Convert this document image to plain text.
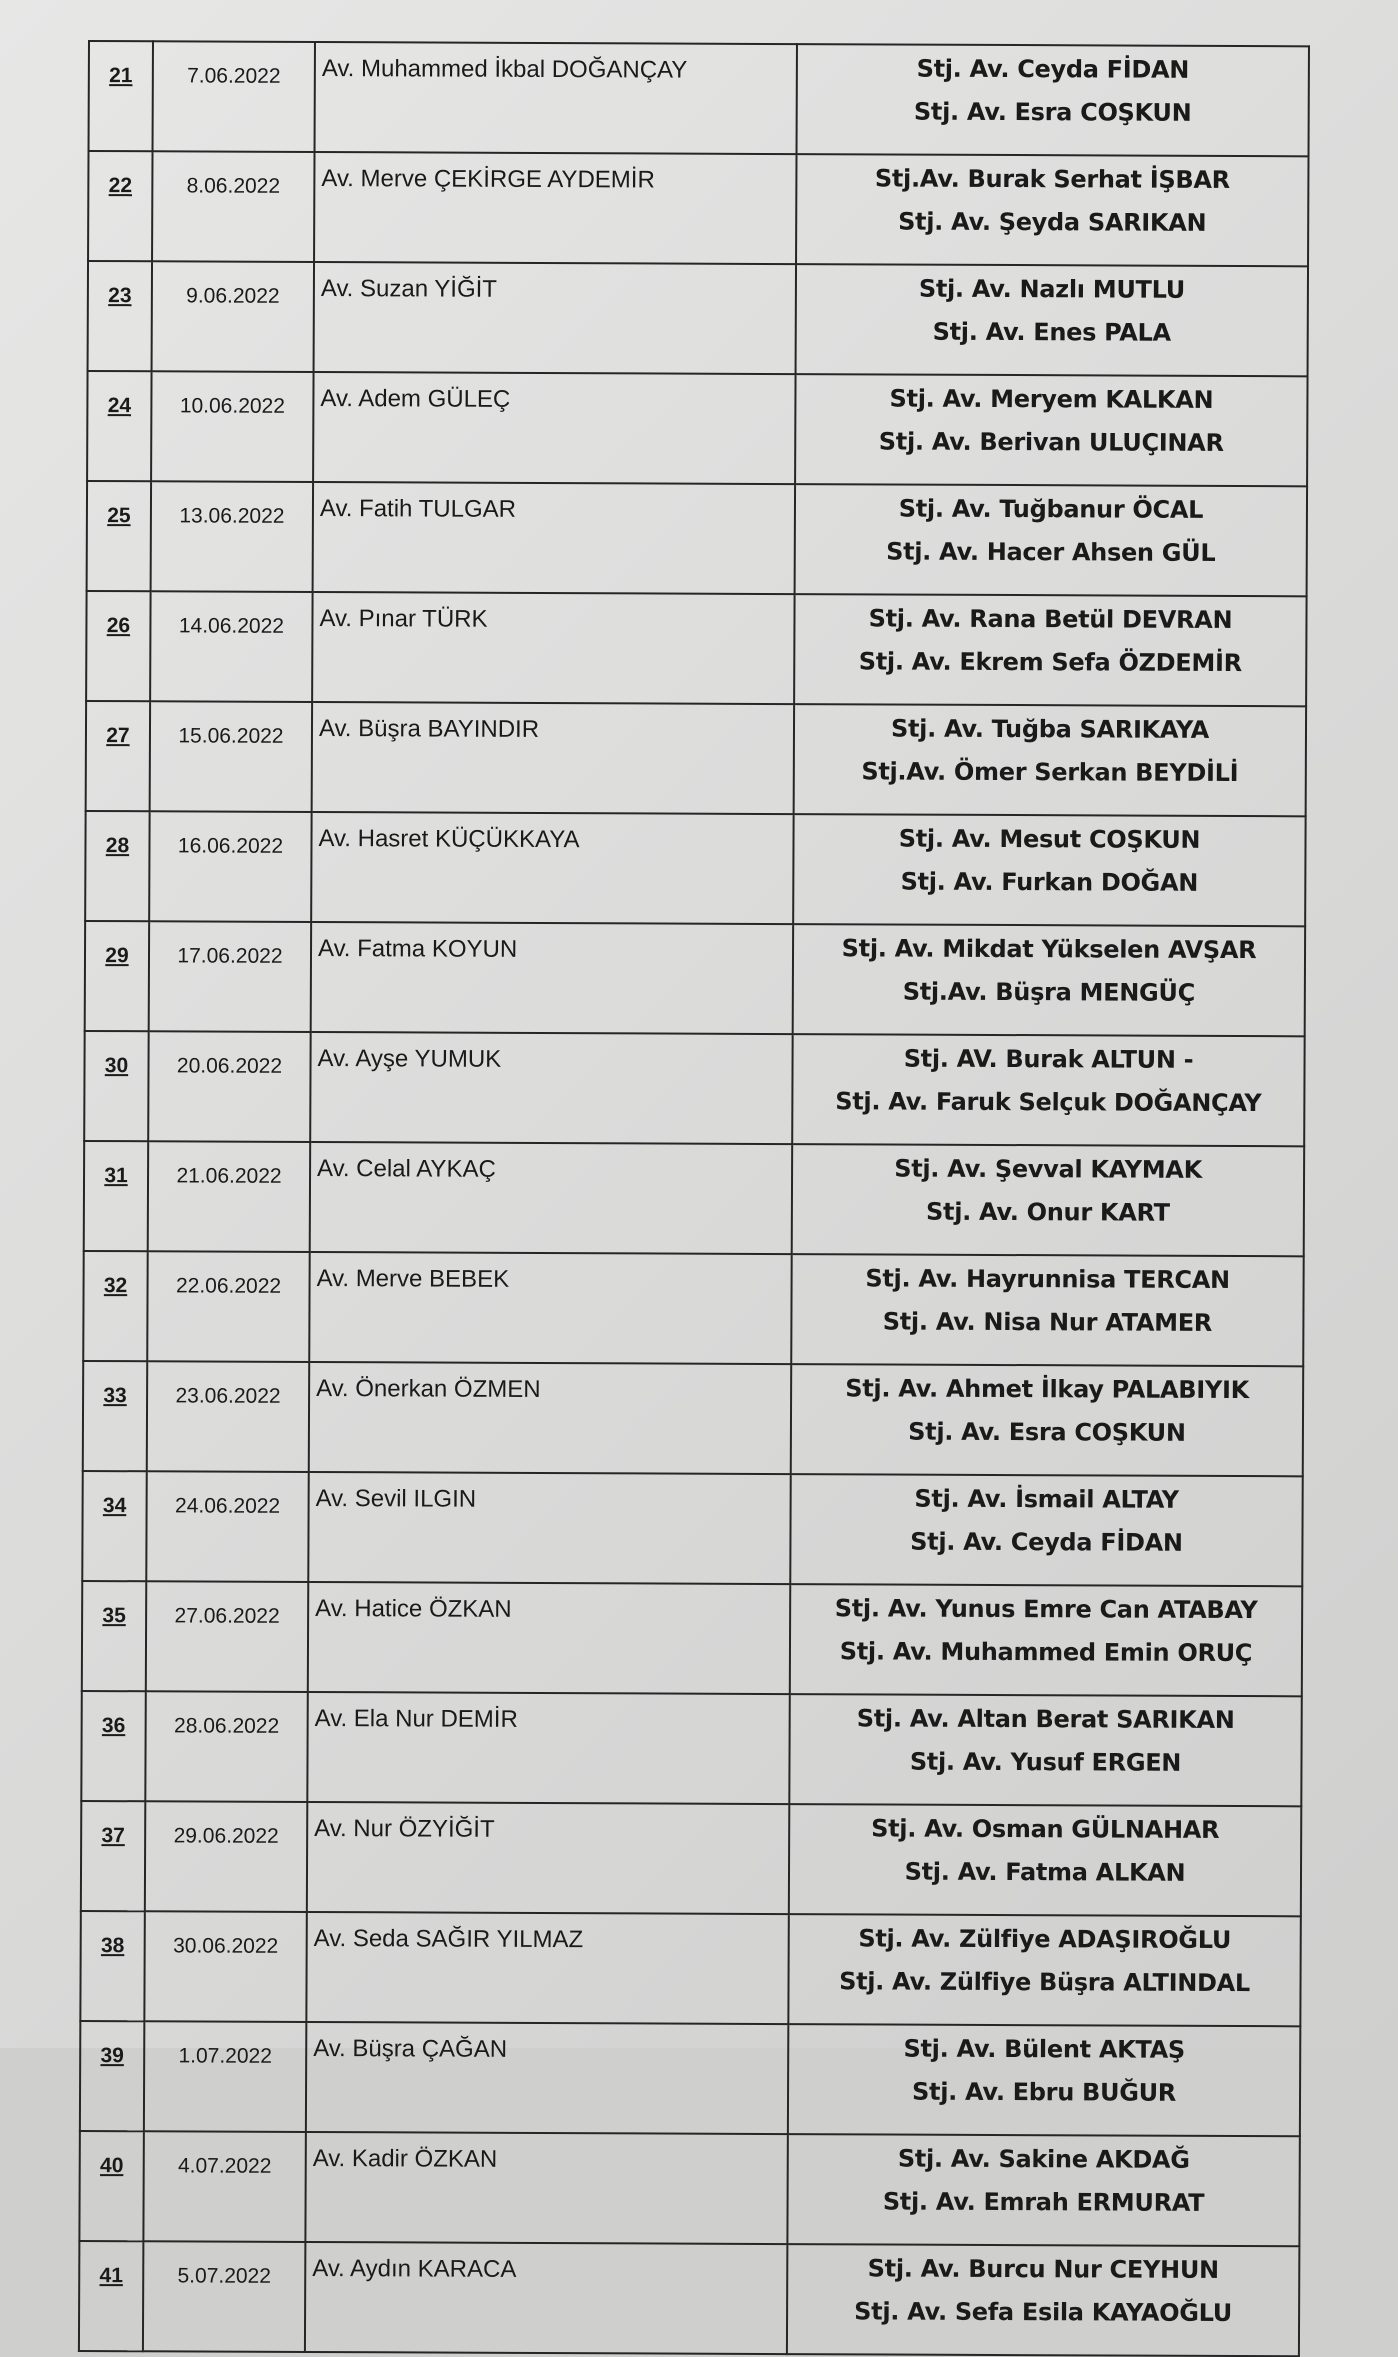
21	7.06.2022	Av. Muhammed İkbal DOĞANÇAY	Stj. Av. Ceyda FİDAN
Stj. Av. Esra COŞKUN

22	8.06.2022	Av. Merve ÇEKİRGE AYDEMİR	Stj.Av. Burak Serhat İŞBAR
Stj. Av. Şeyda SARIKAN

23	9.06.2022	Av. Suzan YİĞİT	Stj. Av. Nazlı MUTLU
Stj. Av. Enes PALA

24	10.06.2022	Av. Adem GÜLEÇ	Stj. Av. Meryem KALKAN
Stj. Av. Berivan ULUÇINAR

25	13.06.2022	Av. Fatih TULGAR	Stj. Av. Tuğbanur ÖCAL
Stj. Av. Hacer Ahsen GÜL

26	14.06.2022	Av. Pınar TÜRK	Stj. Av. Rana Betül DEVRAN
Stj. Av. Ekrem Sefa ÖZDEMİR

27	15.06.2022	Av. Büşra BAYINDIR	Stj. Av. Tuğba SARIKAYA
Stj.Av. Ömer Serkan BEYDİLİ

28	16.06.2022	Av. Hasret KÜÇÜKKAYA	Stj. Av. Mesut COŞKUN
Stj. Av. Furkan DOĞAN

29	17.06.2022	Av. Fatma KOYUN	Stj. Av. Mikdat Yükselen AVŞAR
Stj.Av. Büşra MENGÜÇ

30	20.06.2022	Av. Ayşe YUMUK	Stj. AV. Burak ALTUN -
Stj. Av. Faruk Selçuk DOĞANÇAY

31	21.06.2022	Av. Celal AYKAÇ	Stj. Av. Şevval KAYMAK
Stj. Av. Onur KART

32	22.06.2022	Av. Merve BEBEK	Stj. Av. Hayrunnisa TERCAN
Stj. Av. Nisa Nur ATAMER

33	23.06.2022	Av. Önerkan ÖZMEN	Stj. Av. Ahmet İlkay PALABIYIK
Stj. Av. Esra COŞKUN

34	24.06.2022	Av. Sevil ILGIN	Stj. Av. İsmail ALTAY
Stj. Av. Ceyda FİDAN

35	27.06.2022	Av. Hatice ÖZKAN	Stj. Av. Yunus Emre Can ATABAY
Stj. Av. Muhammed Emin ORUÇ

36	28.06.2022	Av. Ela Nur DEMİR	Stj. Av. Altan Berat SARIKAN
Stj. Av. Yusuf ERGEN

37	29.06.2022	Av. Nur ÖZYİĞİT	Stj. Av. Osman GÜLNAHAR
Stj. Av. Fatma ALKAN

38	30.06.2022	Av. Seda SAĞIR YILMAZ	Stj. Av. Zülfiye ADAŞIROĞLU
Stj. Av. Zülfiye Büşra ALTINDAL

39	1.07.2022	Av. Büşra ÇAĞAN	Stj. Av. Bülent AKTAŞ
Stj. Av. Ebru BUĞUR

40	4.07.2022	Av. Kadir ÖZKAN	Stj. Av. Sakine AKDAĞ
Stj. Av. Emrah ERMURAT

41	5.07.2022	Av. Aydın KARACA	Stj. Av. Burcu Nur CEYHUN
Stj. Av. Sefa Esila KAYAOĞLU
